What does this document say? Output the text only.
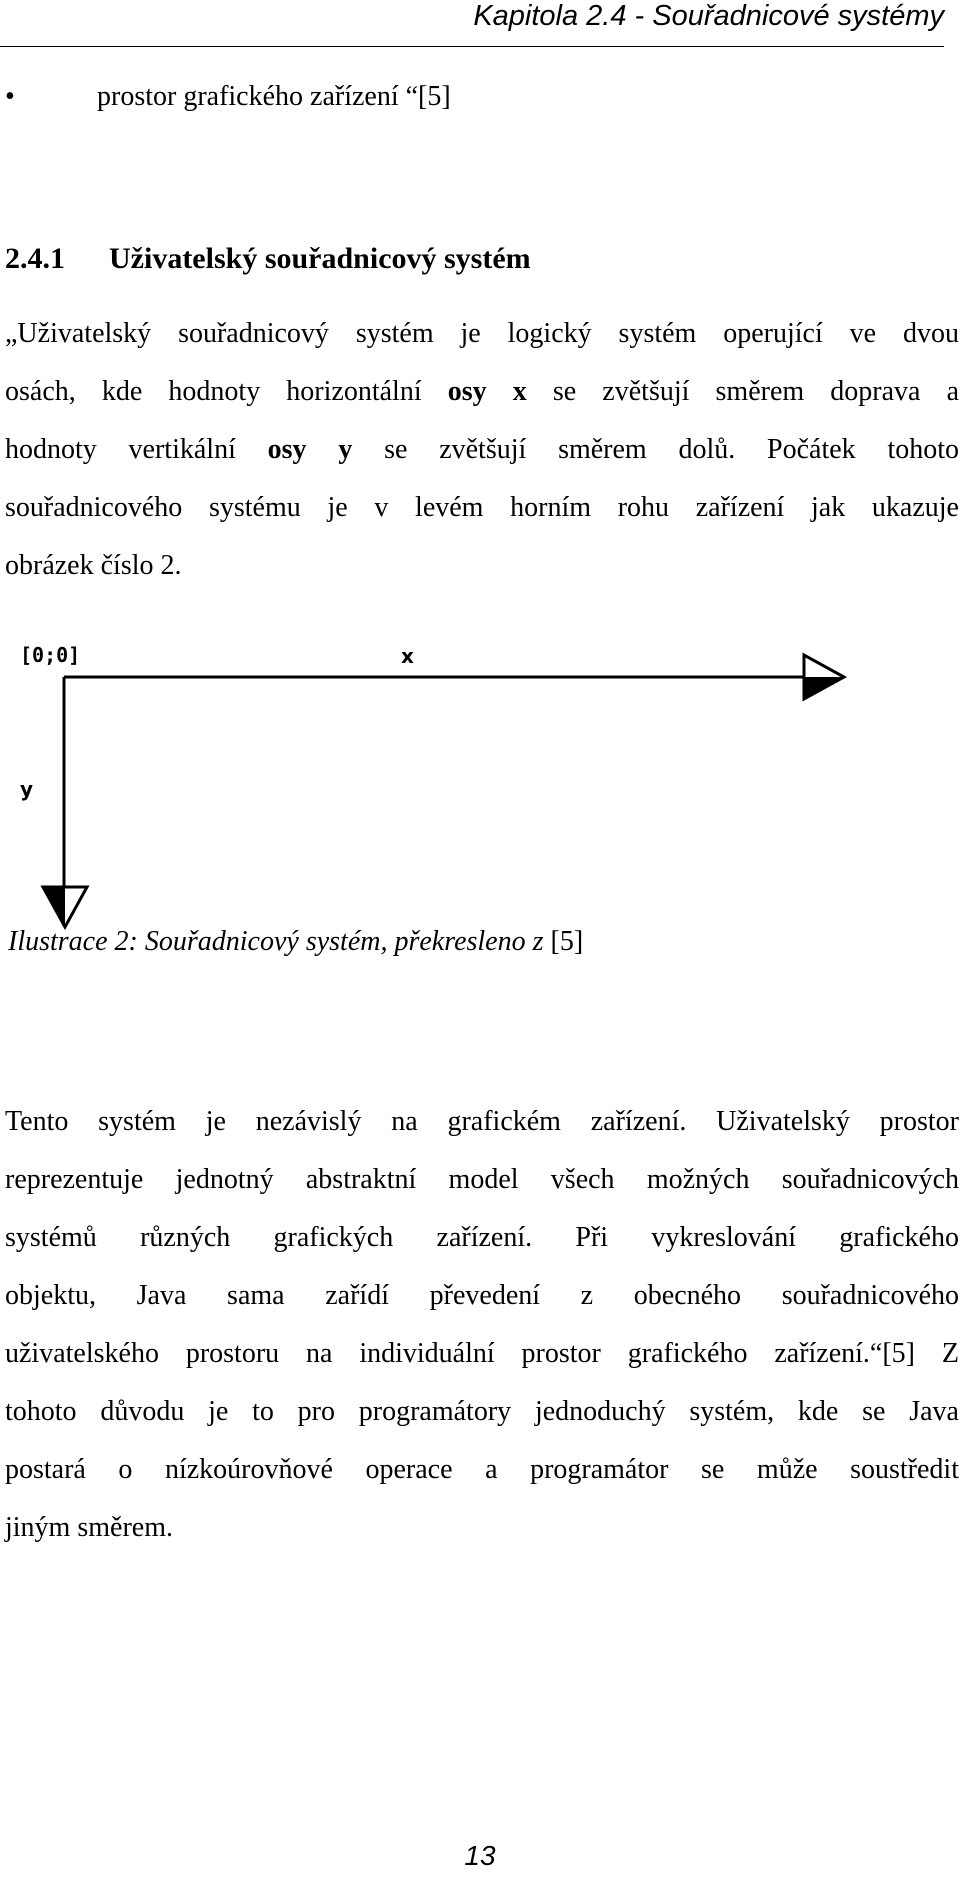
Kapitola 2.4 - Souřadnicové systémy
•	prostor grafického zařízení “[5]
2.4.1 Uživatelský souřadnicový systém
„Uživatelský souřadnicový systém je logický systém operující ve dvou
osách, kde hodnoty horizontální osy x se zvětšují směrem doprava a
hodnoty vertikální osy y se zvětšují směrem dolů. Počátek tohoto
souřadnicového systému je v levém horním rohu zařízení jak ukazuje
obrázek číslo 2.
[0;0]	x
y
Ilustrace 2: Souřadnicový systém, překresleno z [5]
Tento systém je nezávislý na grafickém zařízení. Uživatelský prostor
reprezentuje jednotný abstraktní model všech možných souřadnicových
systémů různých grafických zařízení. Při vykreslování grafického
objektu, Java sama zařídí převedení z obecného souřadnicového
uživatelského prostoru na individuální prostor grafického zařízení.“[5] Z
tohoto důvodu je to pro programátory jednoduchý systém, kde se Java
postará o nízkoúrovňové operace a programátor se může soustředit
jiným směrem.
13
